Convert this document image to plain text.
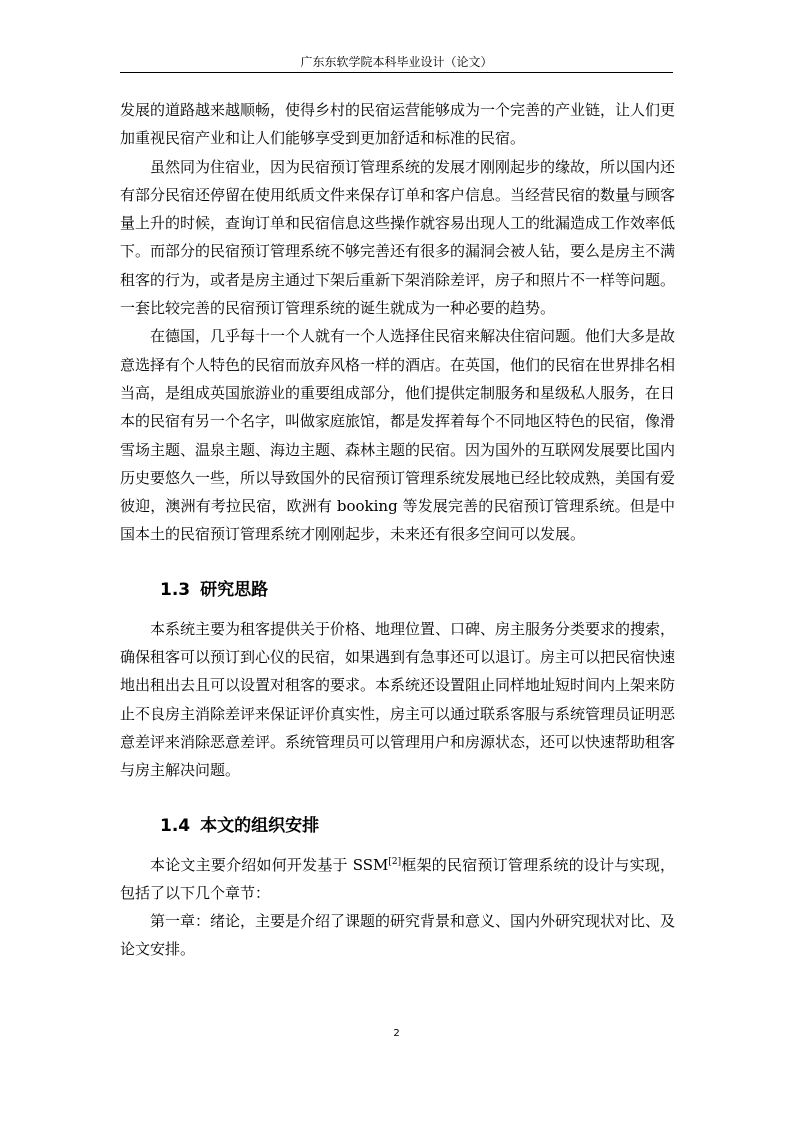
广东东软学院本科毕业设计（论文）

发展的道路越来越顺畅，使得乡村的民宿运营能够成为一个完善的产业链，让人们更加重视民宿产业和让人们能够享受到更加舒适和标准的民宿。

虽然同为住宿业，因为民宿预订管理系统的发展才刚刚起步的缘故，所以国内还有部分民宿还停留在使用纸质文件来保存订单和客户信息。当经营民宿的数量与顾客量上升的时候，查询订单和民宿信息这些操作就容易出现人工的纰漏造成工作效率低下。而部分的民宿预订管理系统不够完善还有很多的漏洞会被人钻，要么是房主不满租客的行为，或者是房主通过下架后重新下架消除差评，房子和照片不一样等问题。一套比较完善的民宿预订管理系统的诞生就成为一种必要的趋势。

在德国，几乎每十一个人就有一个人选择住民宿来解决住宿问题。他们大多是故意选择有个人特色的民宿而放弃风格一样的酒店。在英国，他们的民宿在世界排名相当高，是组成英国旅游业的重要组成部分，他们提供定制服务和星级私人服务，在日本的民宿有另一个名字，叫做家庭旅馆，都是发挥着每个不同地区特色的民宿，像滑雪场主题、温泉主题、海边主题、森林主题的民宿。因为国外的互联网发展要比国内历史要悠久一些，所以导致国外的民宿预订管理系统发展地已经比较成熟，美国有爱彼迎，澳洲有考拉民宿，欧洲有 booking 等发展完善的民宿预订管理系统。但是中国本土的民宿预订管理系统才刚刚起步，未来还有很多空间可以发展。

1.3 研究思路

本系统主要为租客提供关于价格、地理位置、口碑、房主服务分类要求的搜索，确保租客可以预订到心仪的民宿，如果遇到有急事还可以退订。房主可以把民宿快速地出租出去且可以设置对租客的要求。本系统还设置阻止同样地址短时间内上架来防止不良房主消除差评来保证评价真实性，房主可以通过联系客服与系统管理员证明恶意差评来消除恶意差评。系统管理员可以管理用户和房源状态，还可以快速帮助租客与房主解决问题。

1.4 本文的组织安排

本论文主要介绍如何开发基于 SSM[2]框架的民宿预订管理系统的设计与实现，包括了以下几个章节：

第一章：绪论，主要是介绍了课题的研究背景和意义、国内外研究现状对比、及论文安排。

2
